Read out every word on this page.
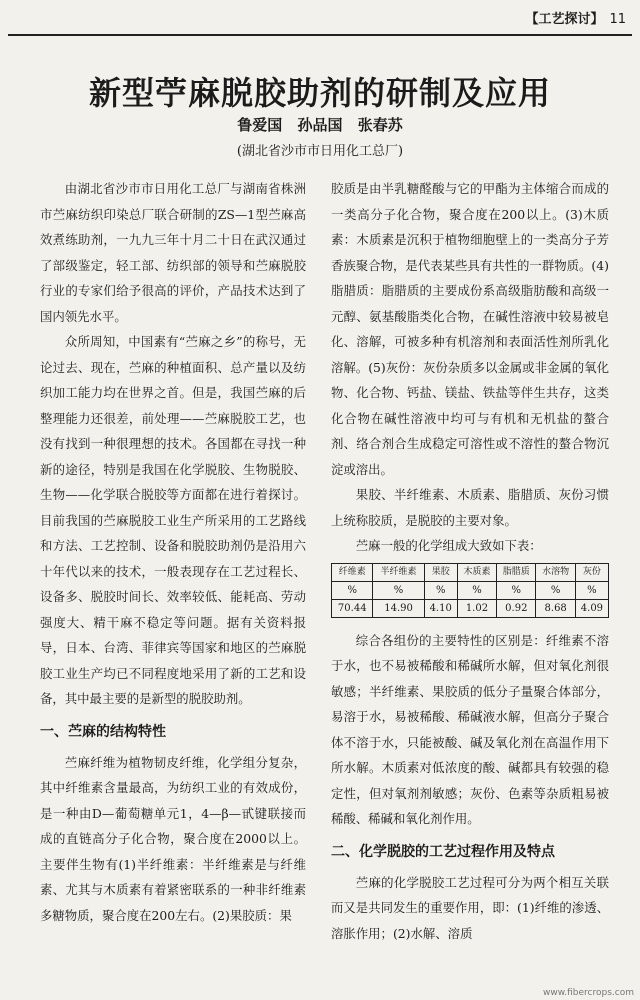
【工艺探讨】 11
新型苧麻脱胶助剂的研制及应用
鲁爱国 孙品国 张春苏
(湖北省沙市市日用化工总厂)

由湖北省沙市市日用化工总厂与湖南省株洲市苎麻纺织印染总厂联合研制的ZS—1型苎麻高效煮练助剂，一九九三年十月二十日在武汉通过了部级鉴定，轻工部、纺织部的领导和苎麻脱胶行业的专家们给予很高的评价，产品技术达到了国内领先水平。

众所周知，中国素有“苎麻之乡”的称号，无论过去、现在，苎麻的种植面积、总产量以及纺织加工能力均在世界之首。但是，我国苎麻的后整理能力还很差，前处理——苎麻脱胶工艺，也没有找到一种很理想的技术。各国都在寻找一种新的途径，特别是我国在化学脱胶、生物脱胶、生物——化学联合脱胶等方面都在进行着探讨。目前我国的苎麻脱胶工业生产所采用的工艺路线和方法、工艺控制、设备和脱胶助剂仍是沿用六十年代以来的技术，一般表现存在工艺过程长、设备多、脱胶时间长、效率较低、能耗高、劳动强度大、精干麻不稳定等问题。据有关资料报导，日本、台湾、菲律宾等国家和地区的苎麻脱胶工业生产均已不同程度地采用了新的工艺和设备，其中最主要的是新型的脱胶助剂。

一、苎麻的结构特性

苎麻纤维为植物韧皮纤维，化学组分复杂，其中纤维素含量最高，为纺织工业的有效成份，是一种由D—葡萄糖单元1，4—β—甙键联接而成的直链高分子化合物，聚合度在2000以上。主要伴生物有(1)半纤维素：半纤维素是与纤维素、尤其与木质素有着紧密联系的一种非纤维素多糖物质，聚合度在200左右。(2)果胶质：果

胶质是由半乳糖醛酸与它的甲酯为主体缩合而成的一类高分子化合物，聚合度在200以上。(3)木质素：木质素是沉积于植物细胞壁上的一类高分子芳香族聚合物，是代表某些具有共性的一群物质。(4)脂腊质：脂腊质的主要成份系高级脂肪酸和高级一元醇、氨基酸脂类化合物，在碱性溶液中较易被皂化、溶解，可被多种有机溶剂和表面活性剂所乳化溶解。(5)灰份：灰份杂质多以金属或非金属的氧化物、化合物、钙盐、镁盐、铁盐等伴生共存，这类化合物在碱性溶液中均可与有机和无机盐的螯合剂、络合剂合生成稳定可溶性或不溶性的螯合物沉淀或溶出。

果胶、半纤维素、木质素、脂腊质、灰份习惯上统称胶质，是脱胶的主要对象。

苎麻一般的化学组成大致如下表：

纤维素	半纤维素	果胶	木质素	脂腊质	水溶物	灰份
%	%	%	%	%	%	%
70.44	14.90	4.10	1.02	0.92	8.68	4.09

综合各组份的主要特性的区别是：纤维素不溶于水，也不易被稀酸和稀碱所水解，但对氧化剂很敏感；半纤维素、果胶质的低分子量聚合体部分，易溶于水，易被稀酸、稀碱液水解，但高分子聚合体不溶于水，只能被酸、碱及氧化剂在高温作用下所水解。木质素对低浓度的酸、碱都具有较强的稳定性，但对氧剂剂敏感；灰份、色素等杂质粗易被稀酸、稀碱和氧化剂作用。

二、化学脱胶的工艺过程作用及特点

苎麻的化学脱胶工艺过程可分为两个相互关联而又是共同发生的重要作用，即：(1)纤维的渗透、溶胀作用；(2)水解、溶质

www.fibercrops.com
